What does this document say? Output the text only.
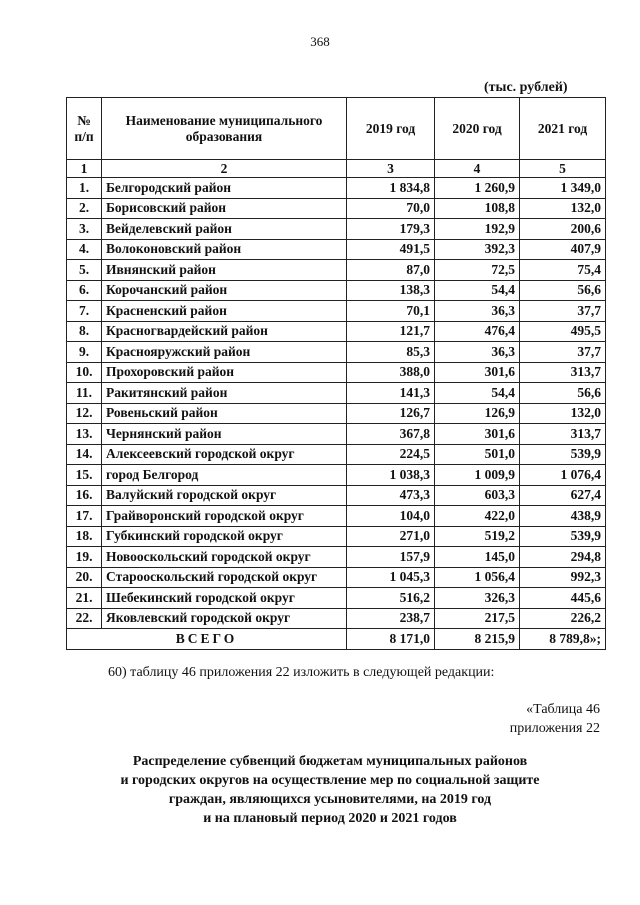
368
(тыс. рублей)
№ п/п	Наименование муниципального образования	2019 год	2020 год	2021 год
1	2	3	4	5
1.	Белгородский район	1 834,8	1 260,9	1 349,0
2.	Борисовский район	70,0	108,8	132,0
3.	Вейделевский район	179,3	192,9	200,6
4.	Волоконовский район	491,5	392,3	407,9
5.	Ивнянский район	87,0	72,5	75,4
6.	Корочанский район	138,3	54,4	56,6
7.	Красненский район	70,1	36,3	37,7
8.	Красногвардейский район	121,7	476,4	495,5
9.	Краснояружский район	85,3	36,3	37,7
10.	Прохоровский район	388,0	301,6	313,7
11.	Ракитянский район	141,3	54,4	56,6
12.	Ровеньский район	126,7	126,9	132,0
13.	Чернянский район	367,8	301,6	313,7
14.	Алексеевский городской округ	224,5	501,0	539,9
15.	город Белгород	1 038,3	1 009,9	1 076,4
16.	Валуйский городской округ	473,3	603,3	627,4
17.	Грайворонский городской округ	104,0	422,0	438,9
18.	Губкинский городской округ	271,0	519,2	539,9
19.	Новооскольский городской округ	157,9	145,0	294,8
20.	Старооскольский городской округ	1 045,3	1 056,4	992,3
21.	Шебекинский городской округ	516,2	326,3	445,6
22.	Яковлевский городской округ	238,7	217,5	226,2
ВСЕГО		8 171,0	8 215,9	8 789,8»;
60) таблицу 46 приложения 22 изложить в следующей редакции:
«Таблица 46
приложения 22
Распределение субвенций бюджетам муниципальных районов
и городских округов на осуществление мер по социальной защите
граждан, являющихся усыновителями, на 2019 год
и на плановый период 2020 и 2021 годов
